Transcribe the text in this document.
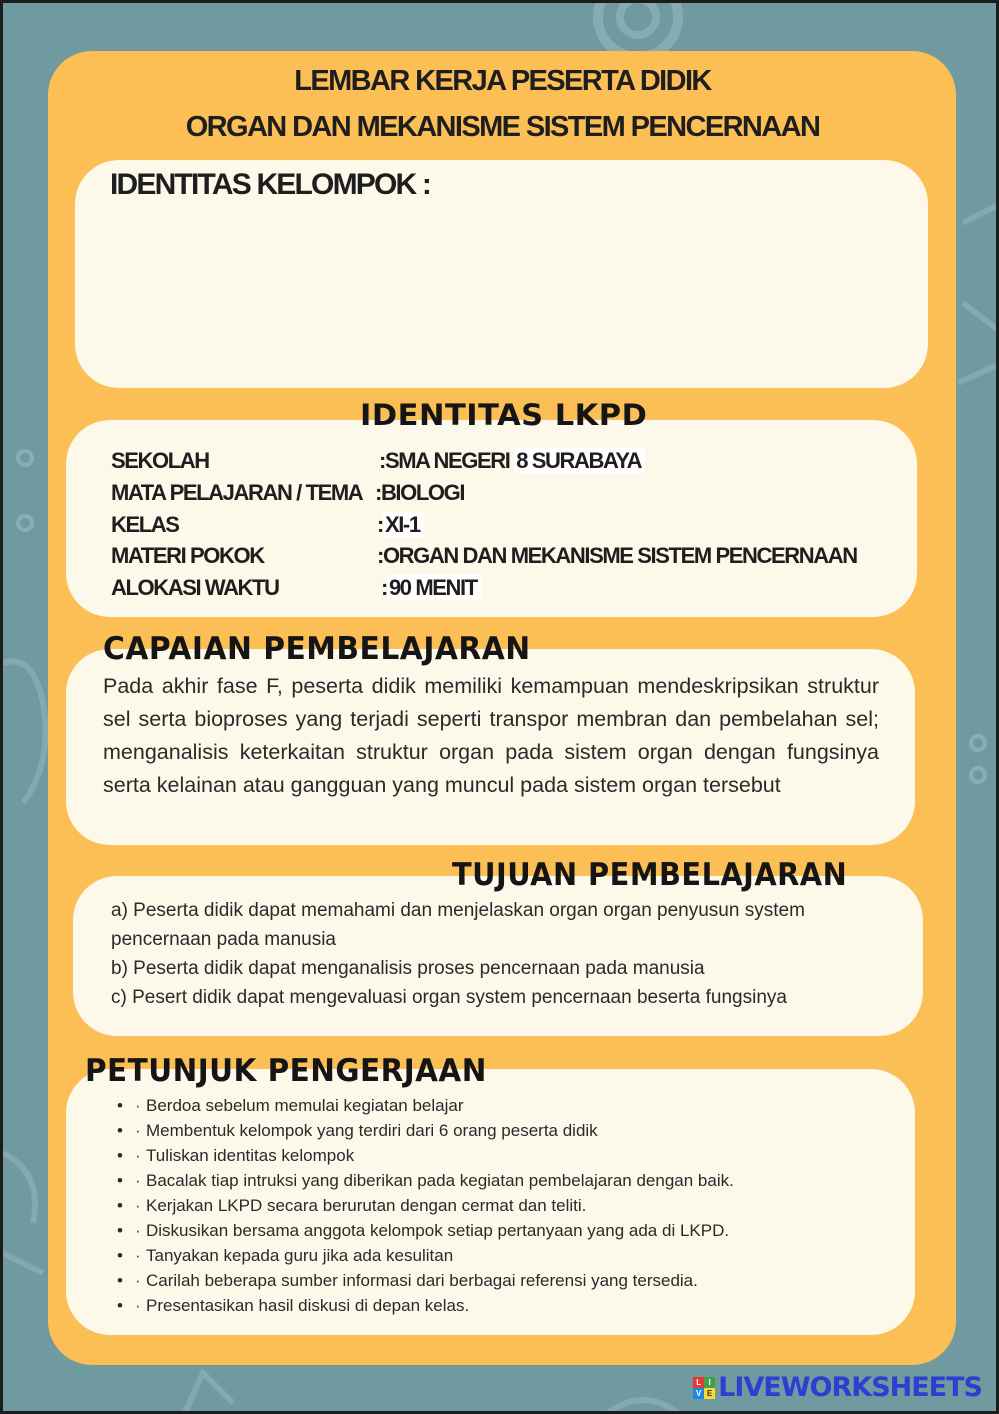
LEMBAR KERJA PESERTA DIDIK
ORGAN DAN MEKANISME SISTEM PENCERNAAN
IDENTITAS KELOMPOK :
IDENTITAS LKPD
SEKOLAH	:SMA NEGERI 8 SURABAYA
MATA PELAJARAN / TEMA :BIOLOGI
KELAS	:XI-1
MATERI POKOK	:ORGAN DAN MEKANISME SISTEM PENCERNAAN
ALOKASI WAKTU	:90 MENIT
CAPAIAN PEMBELAJARAN
Pada akhir fase F, peserta didik memiliki kemampuan mendeskripsikan struktur sel serta bioproses yang terjadi seperti transpor membran dan pembelahan sel; menganalisis keterkaitan struktur organ pada sistem organ dengan fungsinya serta kelainan atau gangguan yang muncul pada sistem organ tersebut
TUJUAN PEMBELAJARAN
a) Peserta didik dapat memahami dan menjelaskan organ organ penyusun system pencernaan pada manusia
b) Peserta didik dapat menganalisis proses pencernaan pada manusia
c) Pesert didik dapat mengevaluasi organ system pencernaan beserta fungsinya
PETUNJUK PENGERJAAN
• · Berdoa sebelum memulai kegiatan belajar
• · Membentuk kelompok yang terdiri dari 6 orang peserta didik
• · Tuliskan identitas kelompok
• · Bacalak tiap intruksi yang diberikan pada kegiatan pembelajaran dengan baik.
• · Kerjakan LKPD secara berurutan dengan cermat dan teliti.
• · Diskusikan bersama anggota kelompok setiap pertanyaan yang ada di LKPD.
• · Tanyakan kepada guru jika ada kesulitan
• · Carilah beberapa sumber informasi dari berbagai referensi yang tersedia.
• · Presentasikan hasil diskusi di depan kelas.
L I
V E LIVEWORKSHEETS
